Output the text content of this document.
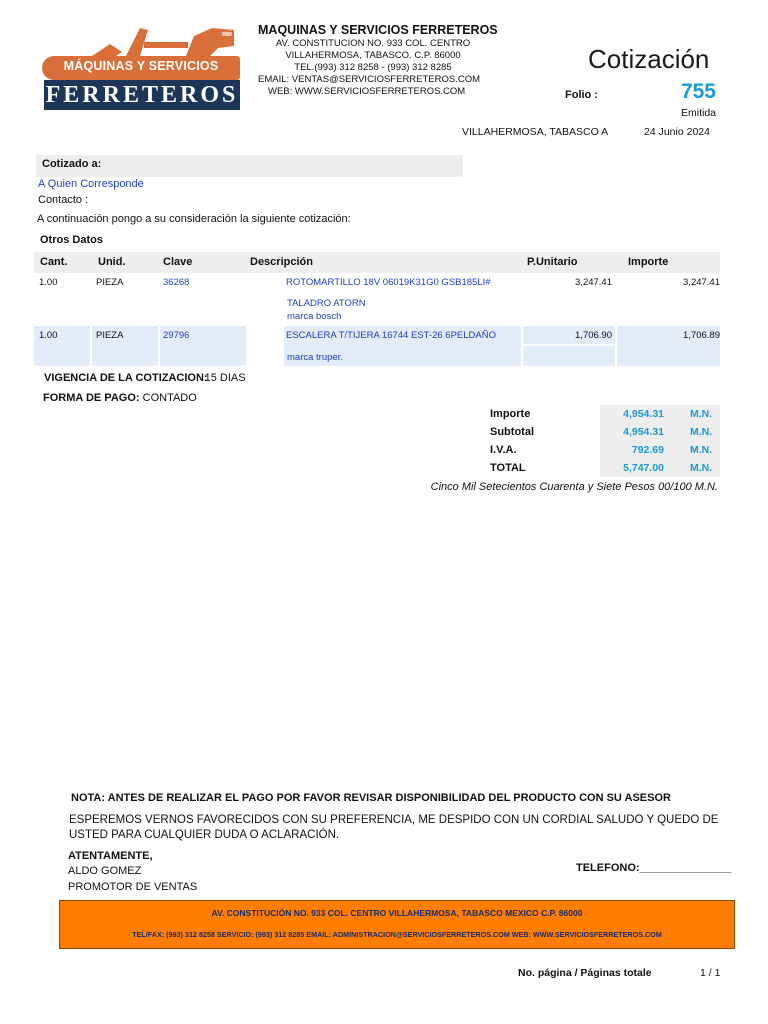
MÁQUINAS Y SERVICIOS
FERRETEROS
MAQUINAS Y SERVICIOS FERRETEROS
AV. CONSTITUCION NO. 933 COL. CENTRO
VILLAHERMOSA, TABASCO. C.P. 86000
TEL.(993) 312 8258 - (993) 312 8285
EMAIL: VENTAS@SERVICIOSFERRETEROS.COM
WEB: WWW.SERVICIOSFERRETEROS.COM
Cotización
Folio :	755
Emitida
VILLAHERMOSA, TABASCO A	24 Junio 2024
Cotizado a:
A Quien Corresponde
Contacto :
A continuación pongo a su consideración la siguiente cotización:
Otros Datos
Cant.	Unid.	Clave	Descripción	P.Unitario	Importe
1.00	PIEZA	36268	ROTOMARTILLO 18V 06019K31G0 GSB185LI#
TALADRO ATORN
marca bosch
3,247.41	3,247.41
1.00	PIEZA	29796	ESCALERA T/TIJERA 16744 EST-26 6PELDAÑO
marca truper.
1,706.90	1,706.89
VIGENCIA DE LA COTIZACION:15 DIAS
FORMA DE PAGO: CONTADO
Importe	4,954.31 M.N.
Subtotal	4,954.31 M.N.
I.V.A.	792.69 M.N.
TOTAL	5,747.00 M.N.
Cinco Mil Setecientos Cuarenta y Siete Pesos 00/100 M.N.
NOTA: ANTES DE REALIZAR EL PAGO POR FAVOR REVISAR DISPONIBILIDAD DEL PRODUCTO CON SU ASESOR
ESPEREMOS VERNOS FAVORECIDOS CON SU PREFERENCIA, ME DESPIDO CON UN CORDIAL SALUDO Y QUEDO DE USTED PARA CUALQUIER DUDA O ACLARACIÓN.
ATENTAMENTE,
ALDO GOMEZ
PROMOTOR DE VENTAS
TELEFONO:_______________
AV. CONSTITUCIÓN NO. 933 COL. CENTRO VILLAHERMOSA, TABASCO MEXICO C.P. 86000
TEL/FAX: (993) 312 8258 SERVICIO: (993) 312 8285 EMAIL: ADMINISTRACION@SERVICIOSFERRETEROS.COM WEB: WWW.SERVICIOSFERRETEROS.COM
No. página / Páginas totale	1 / 1
